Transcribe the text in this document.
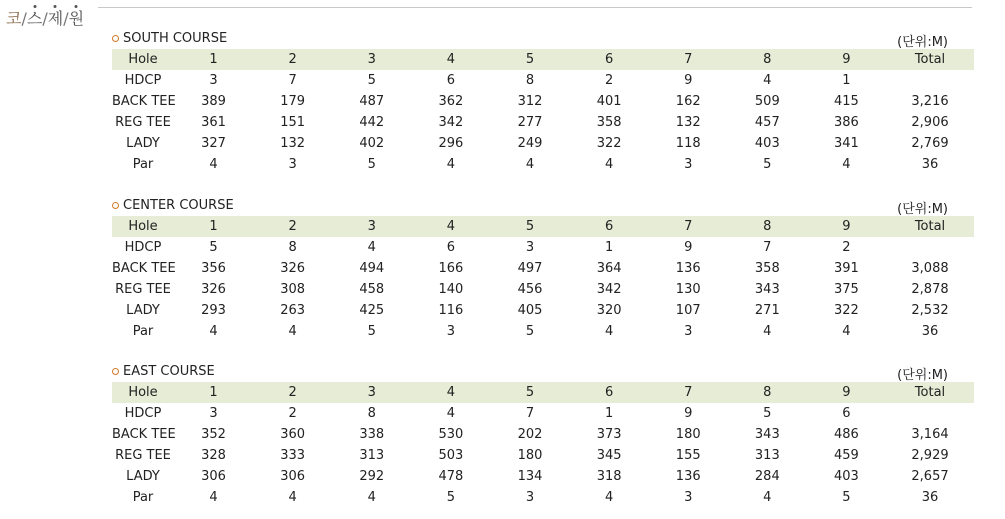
코/스/제/원
SOUTH COURSE	(단위:M)
Hole	1	2	3	4	5	6	7	8	9	Total
HDCP	3	7	5	6	8	2	9	4	1	
BACK TEE	389	179	487	362	312	401	162	509	415	3,216
REG TEE	361	151	442	342	277	358	132	457	386	2,906
LADY	327	132	402	296	249	322	118	403	341	2,769
Par	4	3	5	4	4	4	3	5	4	36
CENTER COURSE	(단위:M)
Hole	1	2	3	4	5	6	7	8	9	Total
HDCP	5	8	4	6	3	1	9	7	2	
BACK TEE	356	326	494	166	497	364	136	358	391	3,088
REG TEE	326	308	458	140	456	342	130	343	375	2,878
LADY	293	263	425	116	405	320	107	271	322	2,532
Par	4	4	5	3	5	4	3	4	4	36
EAST COURSE	(단위:M)
Hole	1	2	3	4	5	6	7	8	9	Total
HDCP	3	2	8	4	7	1	9	5	6	
BACK TEE	352	360	338	530	202	373	180	343	486	3,164
REG TEE	328	333	313	503	180	345	155	313	459	2,929
LADY	306	306	292	478	134	318	136	284	403	2,657
Par	4	4	4	5	3	4	3	4	5	36
